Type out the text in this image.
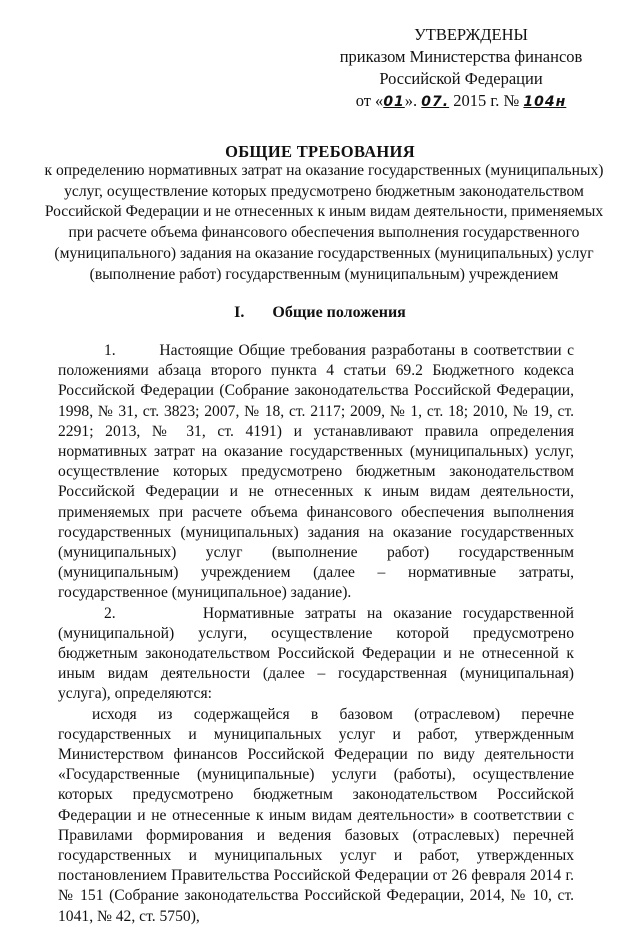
УТВЕРЖДЕНЫ
приказом Министерства финансов
Российской Федерации
от «01». 07. 2015 г. № 104н
ОБЩИЕ ТРЕБОВАНИЯ
к определению нормативных затрат на оказание государственных (муниципальных) услуг, осуществление которых предусмотрено бюджетным законодательством Российской Федерации и не отнесенных к иным видам деятельности, применяемых при расчете объема финансового обеспечения выполнения государственного (муниципального) задания на оказание государственных (муниципальных) услуг (выполнение работ) государственным (муниципальным) учреждением
I. Общие положения

1.        Настоящие Общие требования разработаны в соответствии с положениями абзаца второго пункта 4 статьи 69.2 Бюджетного кодекса Российской Федерации (Собрание законодательства Российской Федерации, 1998, № 31, ст. 3823; 2007, № 18, ст. 2117; 2009, № 1, ст. 18; 2010, № 19, ст. 2291; 2013, № 31, ст. 4191) и устанавливают правила определения нормативных затрат на оказание государственных (муниципальных) услуг, осуществление которых предусмотрено бюджетным законодательством Российской Федерации и не отнесенных к иным видам деятельности, применяемых при расчете объема финансового обеспечения выполнения государственных (муниципальных) задания на оказание государственных (муниципальных) услуг (выполнение работ) государственным (муниципальным) учреждением (далее – нормативные затраты, государственное (муниципальное) задание).

2.        Нормативные затраты на оказание государственной (муниципальной) услуги, осуществление которой предусмотрено бюджетным законодательством Российской Федерации и не отнесенной к иным видам деятельности (далее – государственная (муниципальная) услуга), определяются:

исходя из содержащейся в базовом (отраслевом) перечне государственных и муниципальных услуг и работ, утвержденным Министерством финансов Российской Федерации по виду деятельности «Государственные (муниципальные) услуги (работы), осуществление которых предусмотрено бюджетным законодательством Российской Федерации и не отнесенные к иным видам деятельности» в соответствии с Правилами формирования и ведения базовых (отраслевых) перечней государственных и муниципальных услуг и работ, утвержденных постановлением Правительства Российской Федерации от 26 февраля 2014 г. № 151 (Собрание законодательства Российской Федерации, 2014, № 10, ст. 1041, № 42, ст. 5750),
